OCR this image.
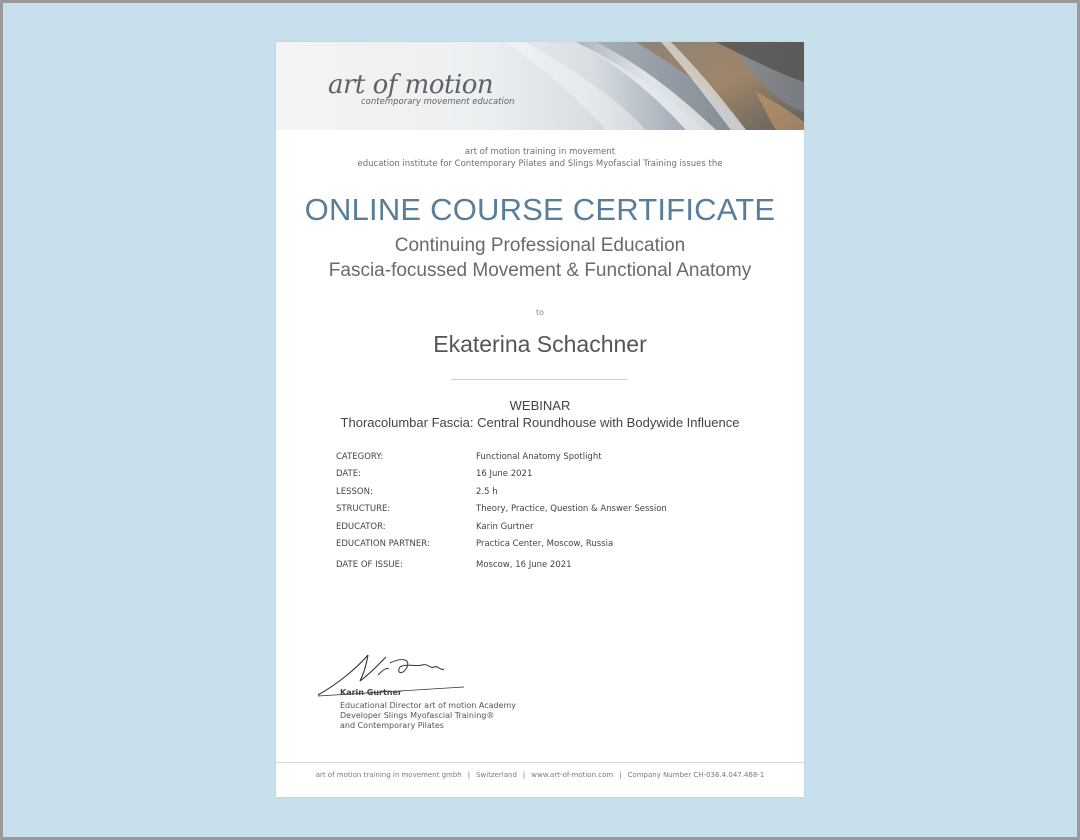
art of motion
contemporary movement education
art of motion training in movement
education institute for Contemporary Pilates and Slings Myofascial Training issues the
ONLINE COURSE CERTIFICATE
Continuing Professional Education
Fascia-focussed Movement & Functional Anatomy
to
Ekaterina Schachner
WEBINAR
Thoracolumbar Fascia: Central Roundhouse with Bodywide Influence
CATEGORY:	Functional Anatomy Spotlight
DATE:	16 June 2021
LESSON:	2.5 h
STRUCTURE:	Theory, Practice, Question & Answer Session
EDUCATOR:	Karin Gurtner
EDUCATION PARTNER:	Practica Center, Moscow, Russia
DATE OF ISSUE:	Moscow, 16 June 2021
Karin Gurtner
Educational Director art of motion Academy
Developer Slings Myofascial Training®
and Contemporary Pilates
art of motion training in movement gmbh | Switzerland | www.art-of-motion.com | Company Number CH-036.4.047.468-1
